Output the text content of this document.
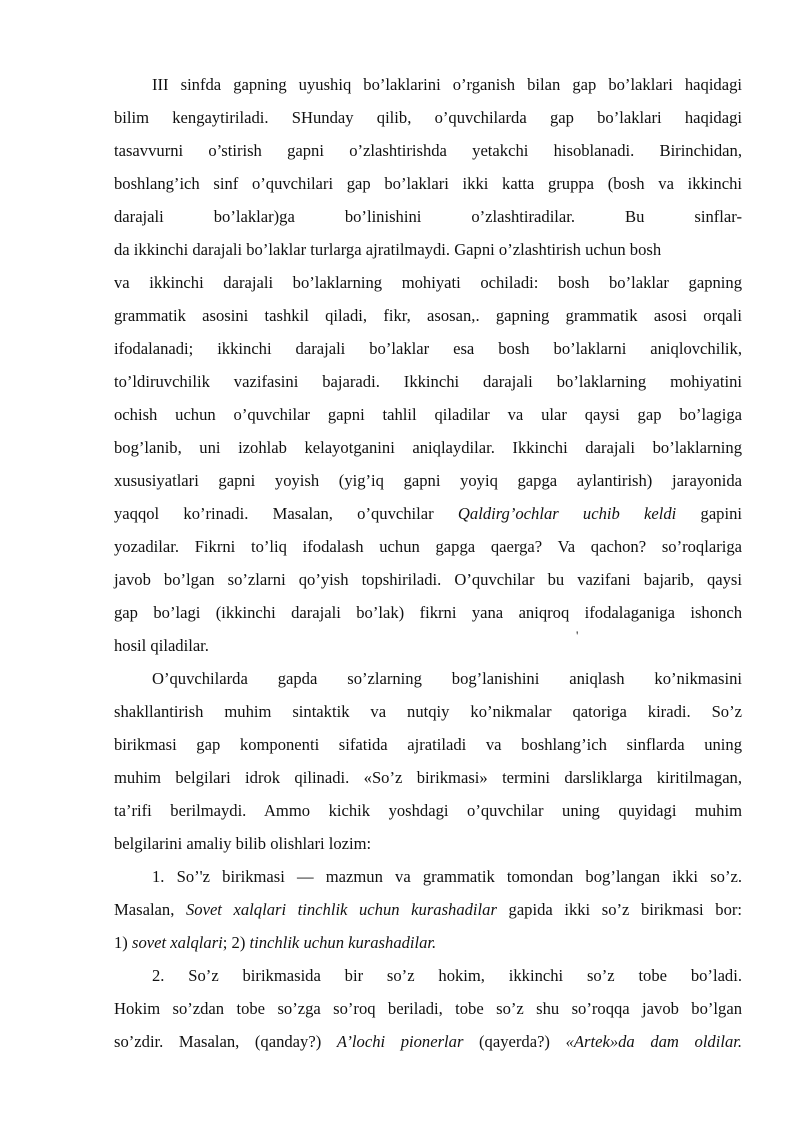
III sinfda gapning uyushiq bo’laklarini o’rganish bilan gap bo’laklari haqidagi
bilim kengaytiriladi. SHunday qilib, o’quvchilarda gap bo’laklari haqidagi
tasavvurni o’stirish gapni o’zlashtirishda yetakchi hisoblanadi. Birinchidan,
boshlang’ich sinf o’quvchilari gap bo’laklari ikki katta gruppa (bosh va ikkinchi
darajali bo’laklar)ga bo’linishini o’zlashtiradilar. Bu sinflar-
da ikkinchi darajali bo’laklar turlarga ajratilmaydi. Gapni o’zlashtirish uchun bosh
va ikkinchi darajali bo’laklarning mohiyati ochiladi: bosh bo’laklar gapning
grammatik asosini tashkil qiladi, fikr, asosan,. gapning grammatik asosi orqali
ifodalanadi; ikkinchi darajali bo’laklar esa bosh bo’laklarni aniqlovchilik,
to’ldiruvchilik vazifasini bajaradi. Ikkinchi darajali bo’laklarning mohiyatini
ochish uchun o’quvchilar gapni tahlil qiladilar va ular qaysi gap bo’lagiga
bog’lanib, uni izohlab kelayotganini aniqlaydilar. Ikkinchi darajali bo’laklarning
xususiyatlari gapni yoyish (yig’iq gapni yoyiq gapga aylantirish) jarayonida
yaqqol ko’rinadi. Masalan, o’quvchilar Qaldirg’ochlar uchib keldi gapini
yozadilar. Fikrni to’liq ifodalash uchun gapga qaerga? Va qachon? so’roqlariga
javob bo’lgan so’zlarni qo’yish topshiriladi. O’quvchilar bu vazifani bajarib, qaysi
gap bo’lagi (ikkinchi darajali bo’lak) fikrni yana aniqroq ifodalaganiga ishonch
hosil qiladilar.
'
O’quvchilarda gapda so’zlarning bog’lanishini aniqlash ko’nikmasini
shakllantirish muhim sintaktik va nutqiy ko’nikmalar qatoriga kiradi. So’z
birikmasi gap komponenti sifatida ajratiladi va boshlang’ich sinflarda uning
muhim belgilari idrok qilinadi. «So’z birikmasi» termini darsliklarga kiritilmagan,
ta’rifi berilmaydi. Ammo kichik yoshdagi o’quvchilar uning quyidagi muhim
belgilarini amaliy bilib olishlari lozim:
1. So’'z birikmasi — mazmun va grammatik tomondan bog’langan ikki so’z.
Masalan, Sovet xalqlari tinchlik uchun kurashadilar gapida ikki so’z birikmasi bor:
1) sovet xalqlari; 2) tinchlik uchun kurashadilar.
2. So’z birikmasida bir so’z hokim, ikkinchi so’z tobe bo’ladi.
Hokim so’zdan tobe so’zga so’roq beriladi, tobe so’z shu so’roqqa javob bo’lgan
so’zdir. Masalan, (qanday?) A’lochi pionerlar (qayerda?) «Artek»da dam oldilar.
